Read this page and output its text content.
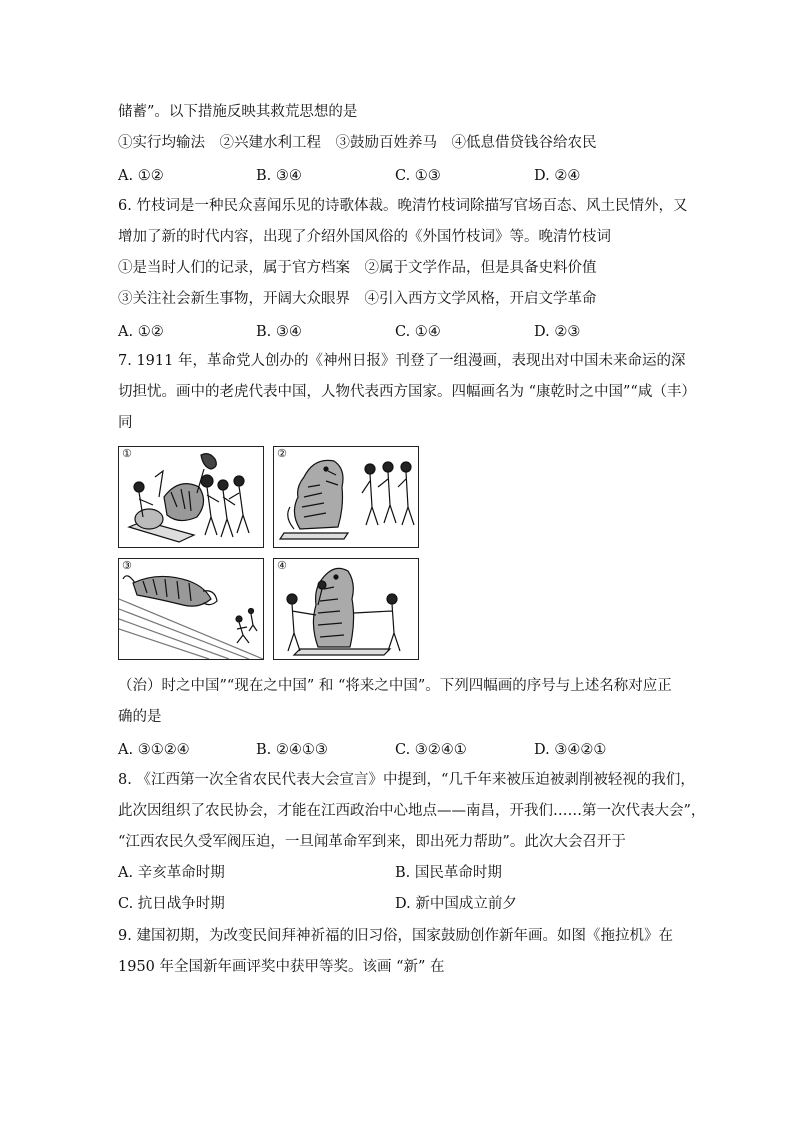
储蓄”。以下措施反映其救荒思想的是
①实行均输法　②兴建水利工程　③鼓励百姓养马　④低息借贷钱谷给农民
A. ①②	B. ③④	C. ①③	D. ②④
6. 竹枝词是一种民众喜闻乐见的诗歌体裁。晚清竹枝词除描写官场百态、风土民情外，又
增加了新的时代内容，出现了介绍外国风俗的《外国竹枝词》等。晚清竹枝词
①是当时人们的记录，属于官方档案　②属于文学作品，但是具备史料价值
③关注社会新生事物，开阔大众眼界　④引入西方文学风格，开启文学革命
A. ①②	B. ③④	C. ①④	D. ②③
7. 1911 年，革命党人创办的《神州日报》刊登了一组漫画，表现出对中国未来命运的深
切担忧。画中的老虎代表中国，人物代表西方国家。四幅画名为 “康乾时之中国”“咸（丰）
同
①	②
③	④
（治）时之中国”“现在之中国” 和 “将来之中国”。下列四幅画的序号与上述名称对应正
确的是
A. ③①②④	B. ②④①③	C. ③②④①	D. ③④②①
8. 《江西第一次全省农民代表大会宣言》中提到，“几千年来被压迫被剥削被轻视的我们，
此次因组织了农民协会，才能在江西政治中心地点——南昌，开我们……第一次代表大会”，
“江西农民久受军阀压迫，一旦闻革命军到来，即出死力帮助”。此次大会召开于
A. 辛亥革命时期	B. 国民革命时期
C. 抗日战争时期	D. 新中国成立前夕
9. 建国初期，为改变民间拜神祈福的旧习俗，国家鼓励创作新年画。如图《拖拉机》在
1950 年全国新年画评奖中获甲等奖。该画 “新” 在
